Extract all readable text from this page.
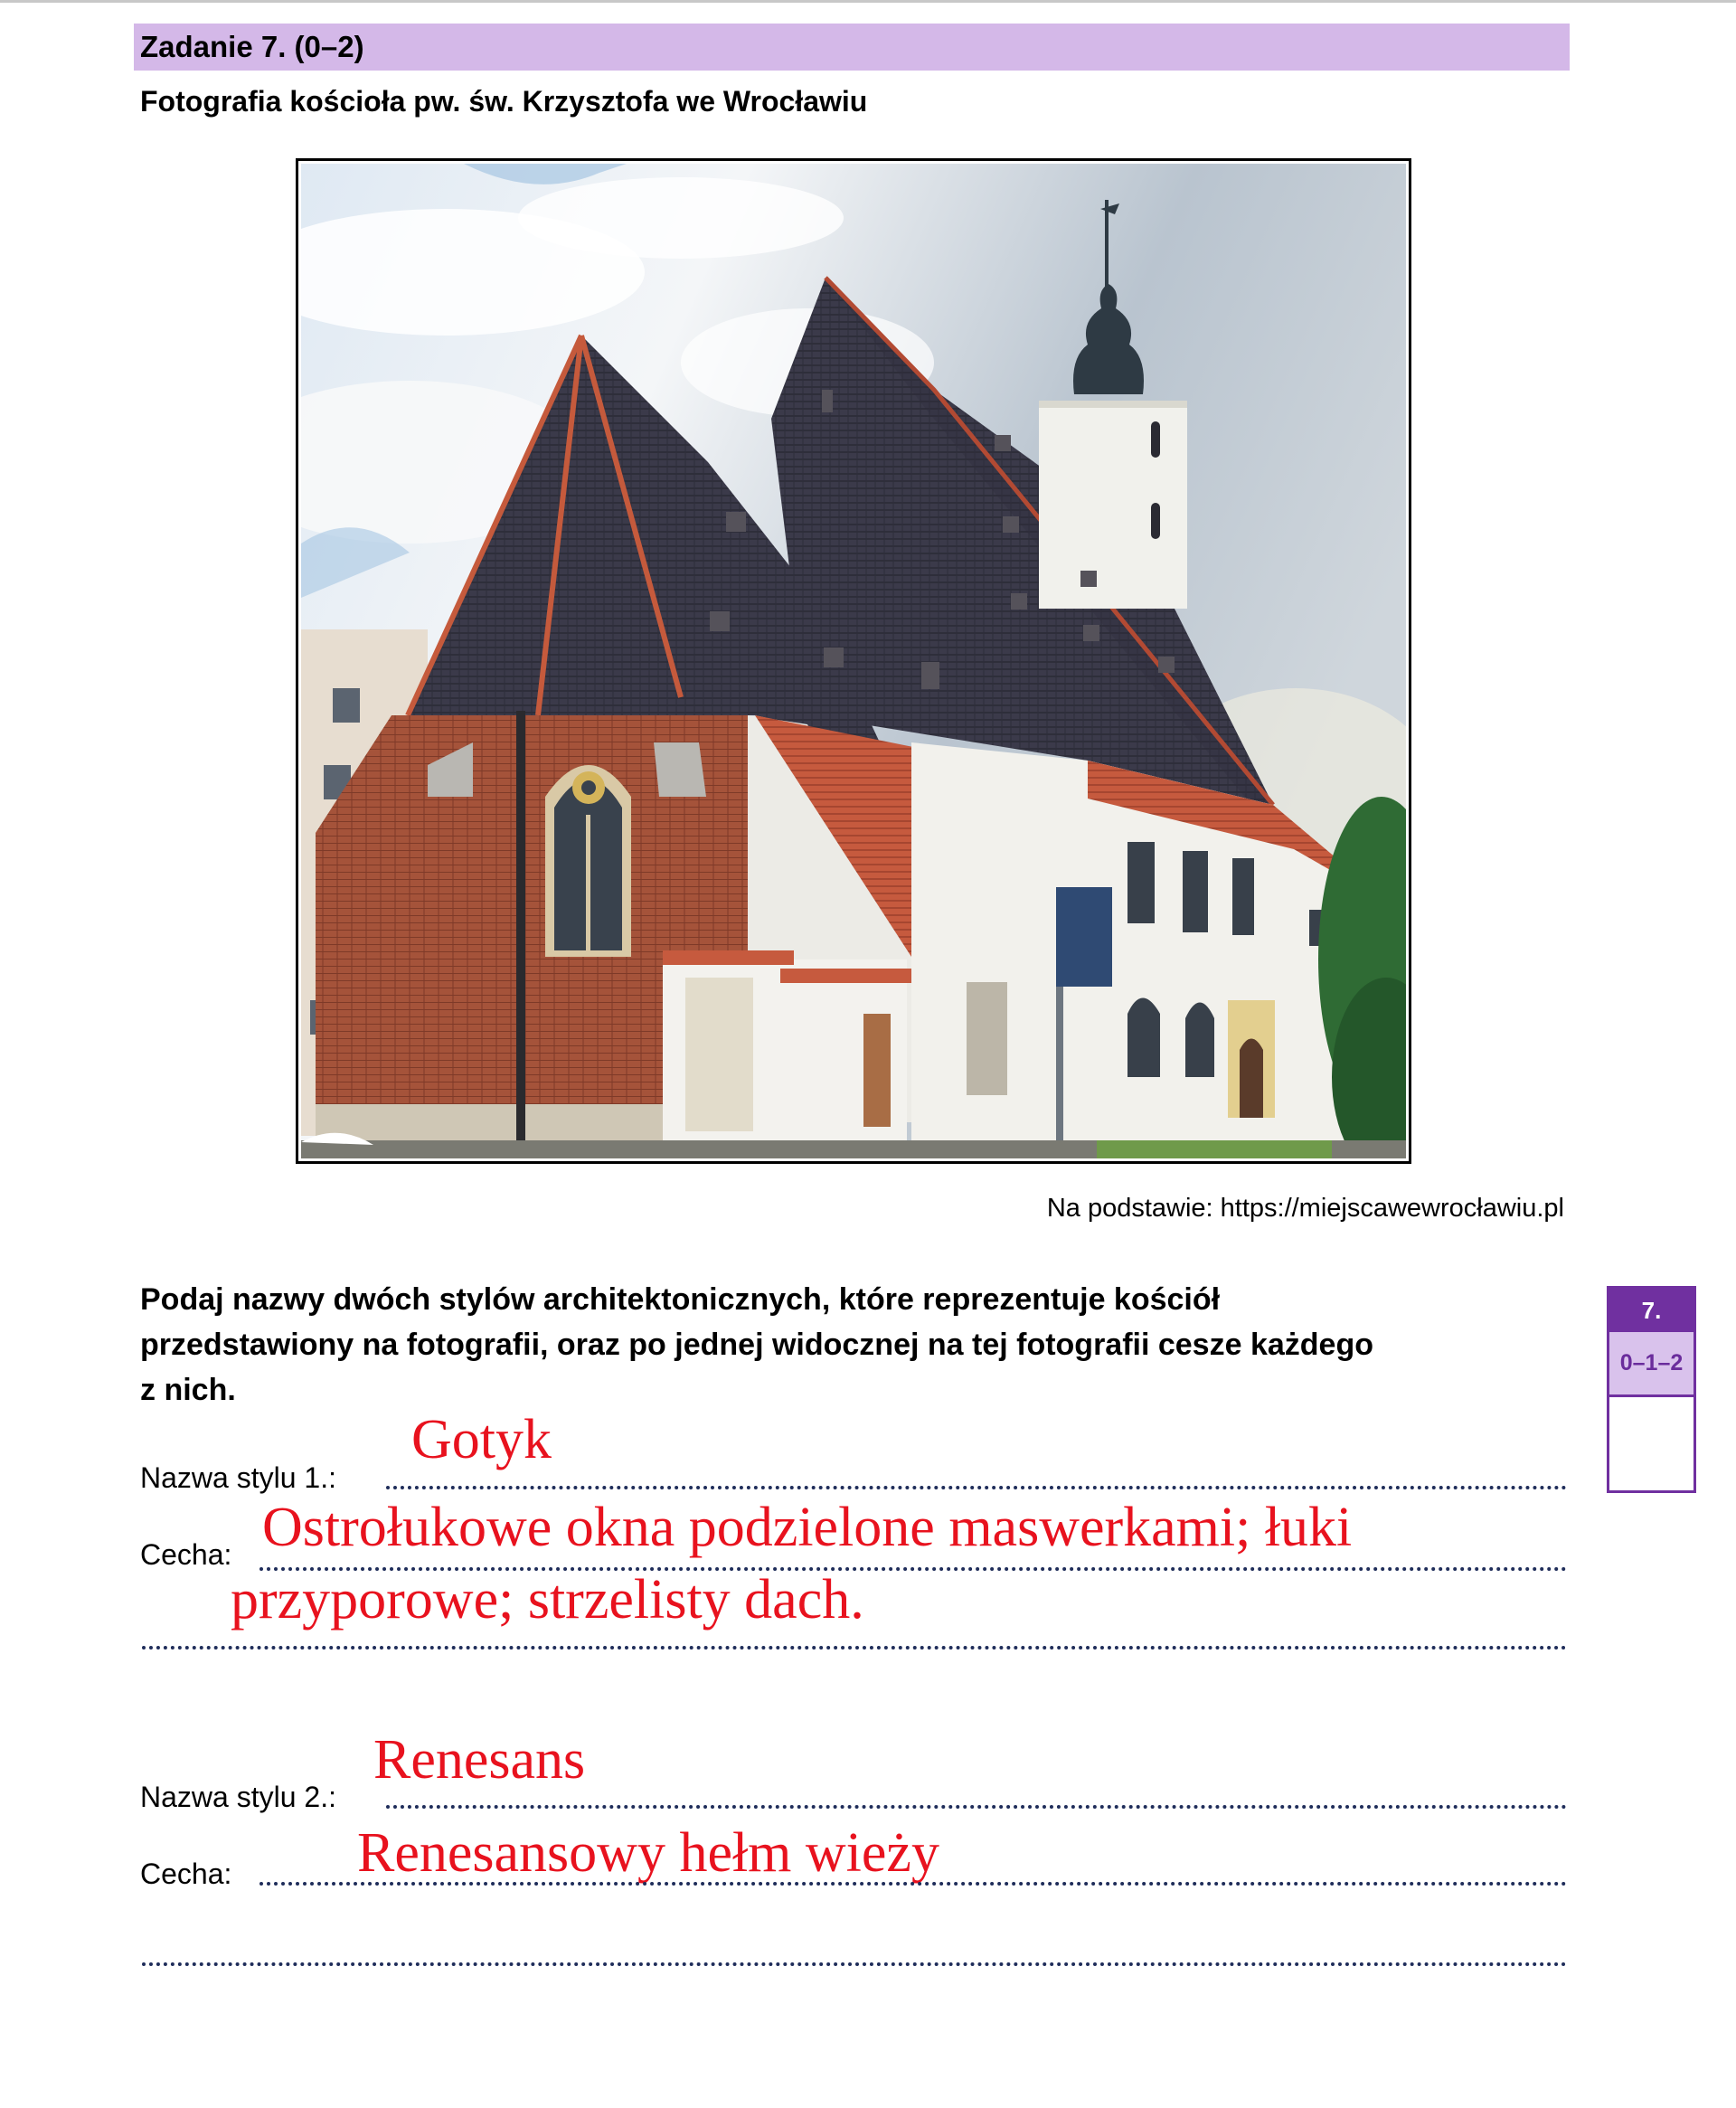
Zadanie 7. (0–2)
Fotografia kościoła pw. św. Krzysztofa we Wrocławiu
Na podstawie: https://miejscawewrocławiu.pl
Podaj nazwy dwóch stylów architektonicznych, które reprezentuje kościół
przedstawiony na fotografii, oraz po jednej widocznej na tej fotografii cesze każdego
z nich.
7.
0–1–2
Gotyk
Nazwa stylu 1.:
Ostrołukowe okna podzielone maswerkami; łuki
Cecha:
przyporowe; strzelisty dach.
Renesans
Nazwa stylu 2.:
Renesansowy hełm wieży
Cecha:
